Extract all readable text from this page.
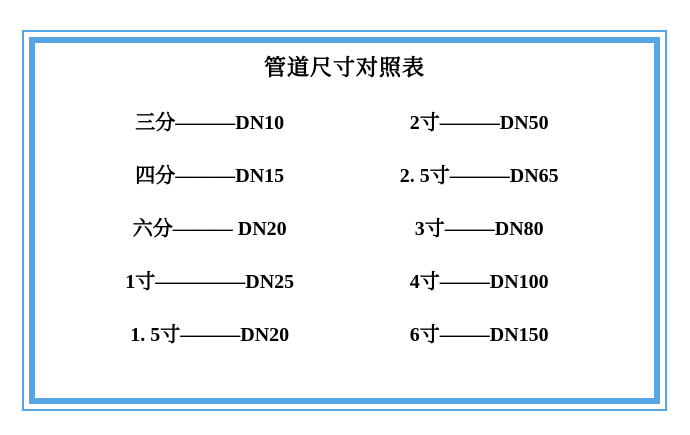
管道尺寸对照表
三分———DN10
四分———DN15
六分——— DN20
1寸–––––––––DN25
1. 5寸––––––DN20
2寸––––––DN50
2. 5寸––––––DN65
3寸–––––DN80
4寸–––––DN100
6寸–––––DN150
